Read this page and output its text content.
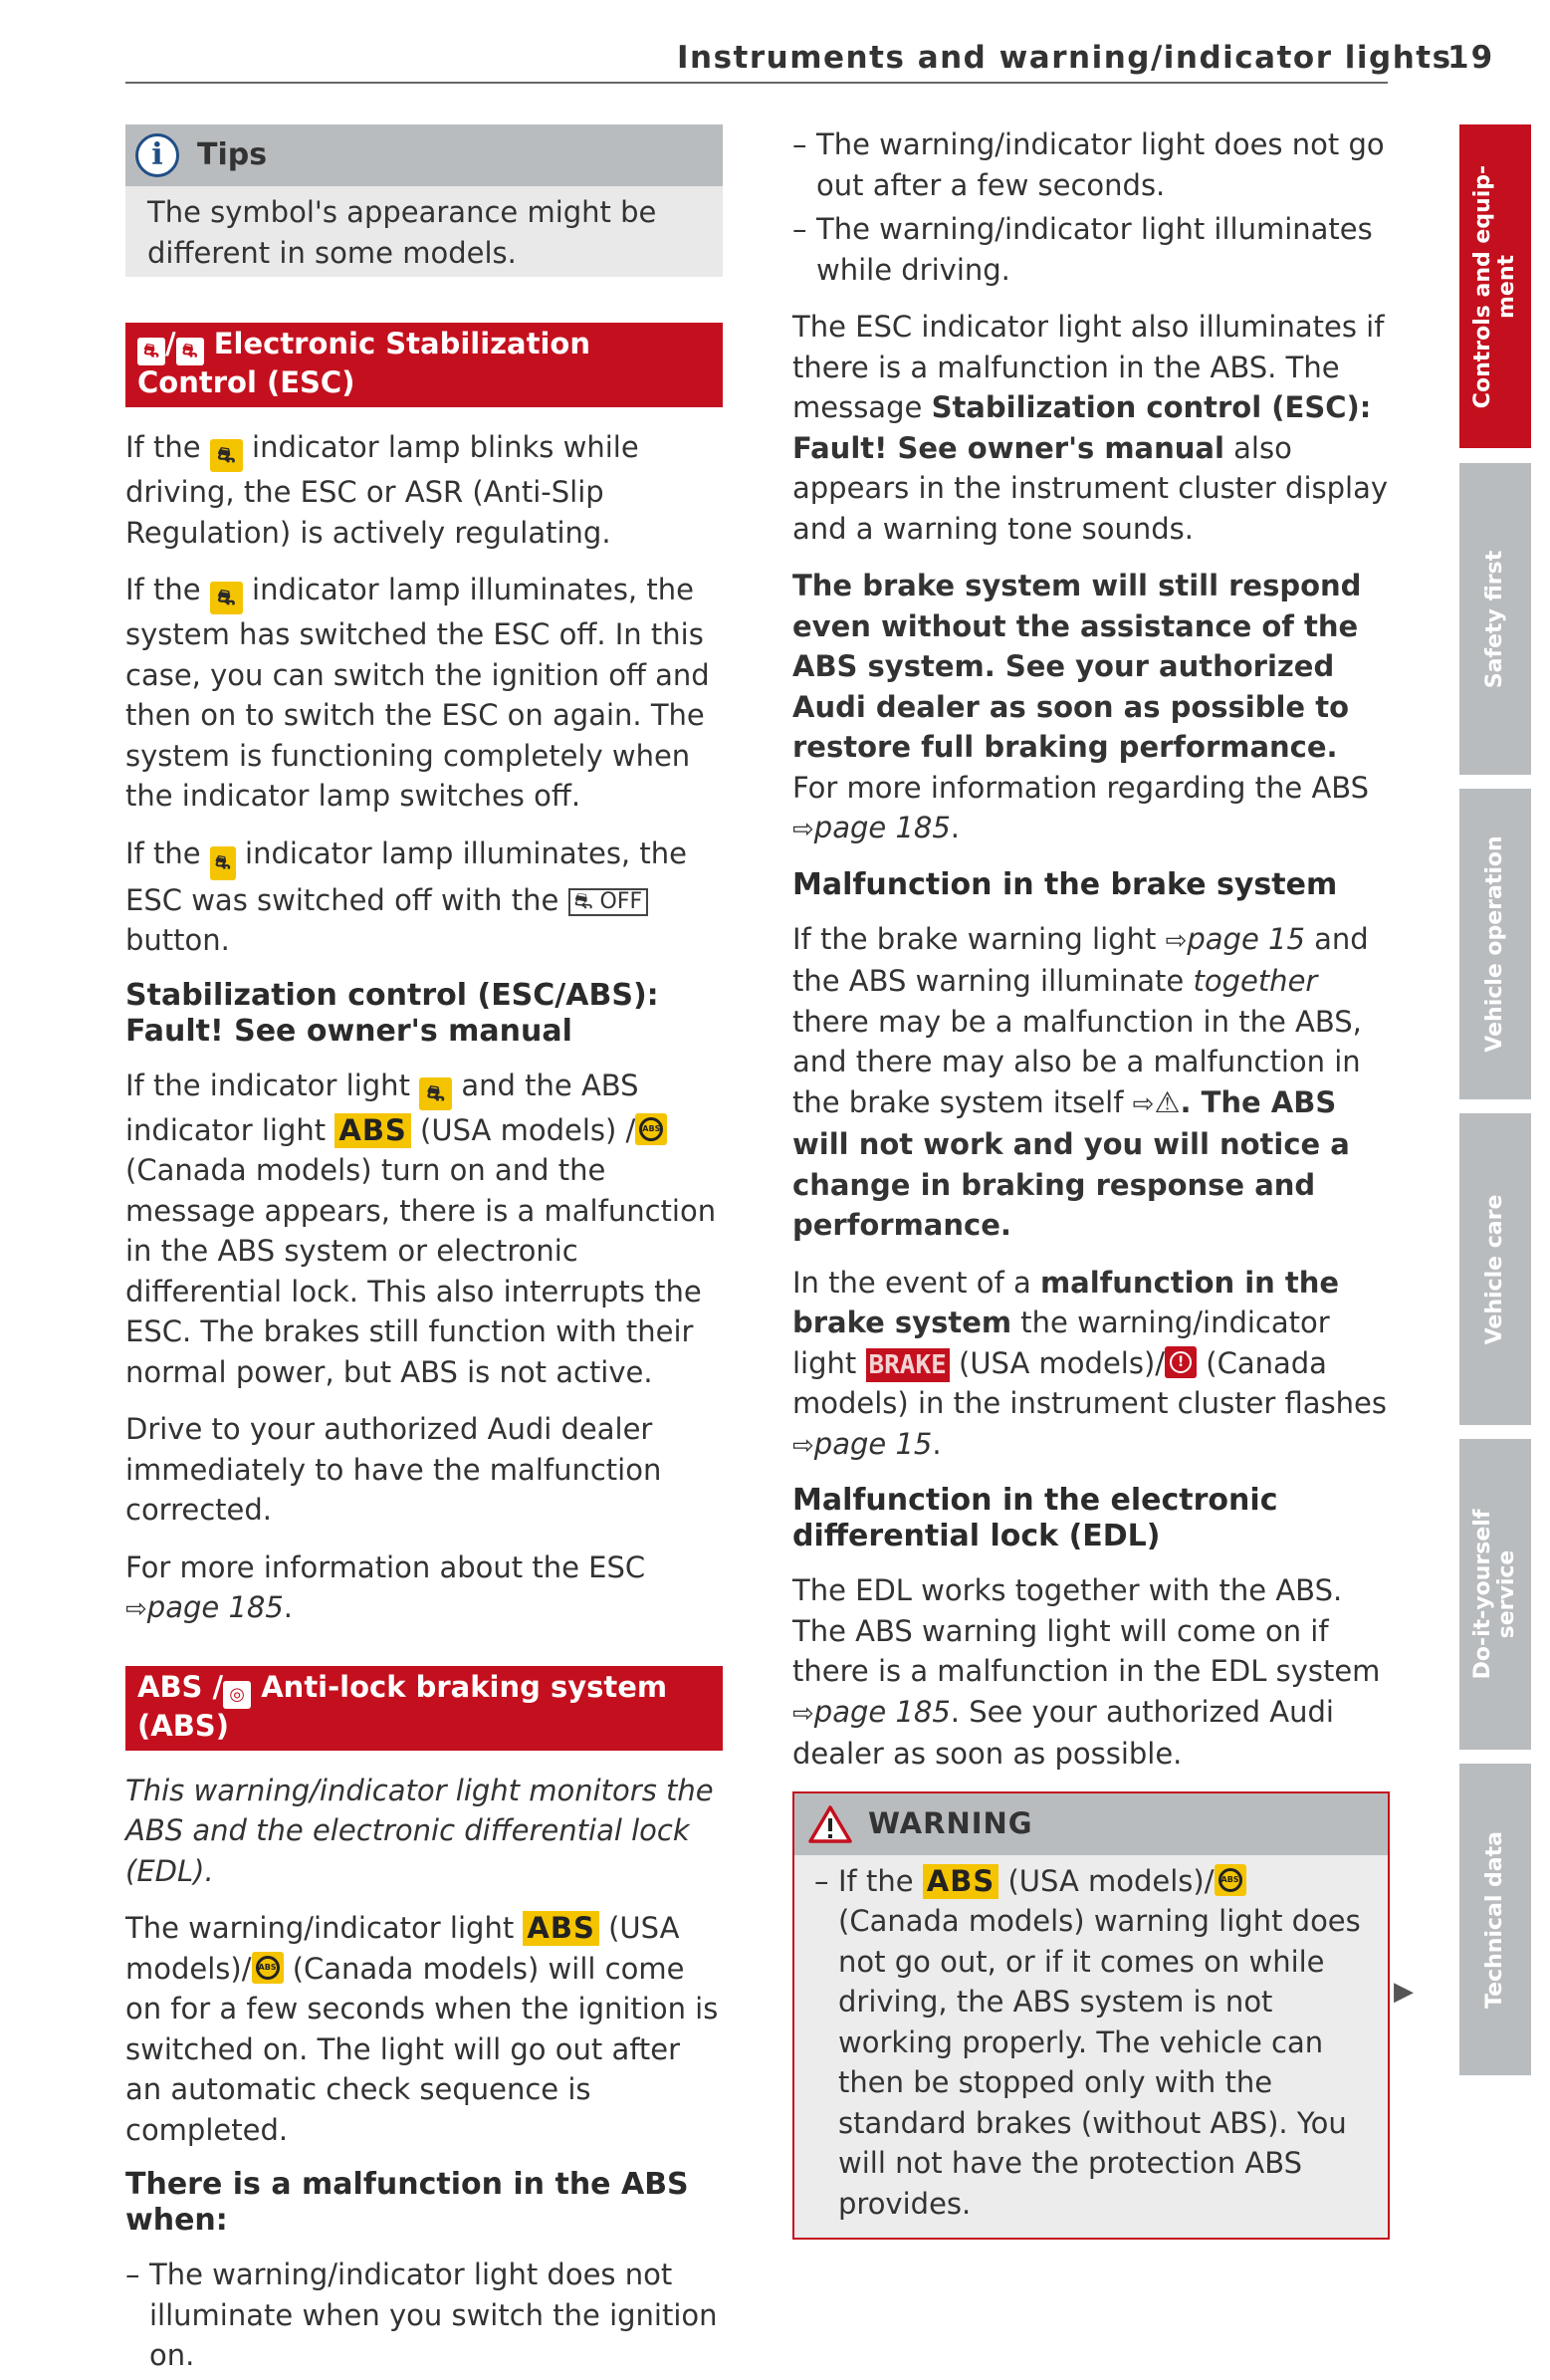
Instruments and warning/indicator lights
19
i	Tips
The symbol's appearance might be different in some models.
⛐ / ⛐ Electronic Stabilization Control (ESC)

If the ⛐ indicator lamp blinks while driving, the ESC or ASR (Anti-Slip Regulation) is actively regulating.

If the ⛐ indicator lamp illuminates, the system has switched the ESC off. In this case, you can switch the ignition off and then on to switch the ESC on again. The system is functioning completely when the indicator lamp switches off.

If the ⛐ indicator lamp illuminates, the ESC was switched off with the ⛐ OFF button.

Stabilization control (ESC/ABS): Fault! See owner's manual

If the indicator light ⛐ and the ABS indicator light ABS (USA models) / ABS
(Canada models) turn on and the message appears, there is a malfunction in the ABS system or electronic differential lock. This also interrupts the ESC. The brakes still function with their normal power, but ABS is not active.

Drive to your authorized Audi dealer immediately to have the malfunction corrected.

For more information about the ESC
⇨page 185.

ABS / ◎ Anti-lock braking system (ABS)

This warning/indicator light monitors the ABS and the electronic differential lock (EDL).

The warning/indicator light ABS (USA models)/ ABS (Canada models) will come on for a few seconds when the ignition is switched on. The light will go out after an automatic check sequence is completed.

There is a malfunction in the ABS when:
– The warning/indicator light does not illuminate when you switch the ignition on.
– The warning/indicator light does not go out after a few seconds.
– The warning/indicator light illuminates while driving.

The ESC indicator light also illuminates if there is a malfunction in the ABS. The message Stabilization control (ESC): Fault! See owner's manual also appears in the instrument cluster display and a warning tone sounds.

The brake system will still respond even without the assistance of the ABS system. See your authorized Audi dealer as soon as possible to restore full braking performance. For more information regarding the ABS
⇨page 185.

Malfunction in the brake system

If the brake warning light ⇨page 15 and the ABS warning illuminate together there may be a malfunction in the ABS, and there may also be a malfunction in the brake system itself ⇨⚠. The ABS will not work and you will notice a change in braking response and performance.

In the event of a malfunction in the brake system the warning/indicator light BRAKE (USA models)/ ! (Canada models) in the instrument cluster flashes ⇨page 15.

Malfunction in the electronic differential lock (EDL)

The EDL works together with the ABS. The ABS warning light will come on if there is a malfunction in the EDL system ⇨page 185. See your authorized Audi dealer as soon as possible.

WARNING
– If the ABS (USA models)/ ABS
(Canada models) warning light does not go out, or if it comes on while driving, the ABS system is not working properly. The vehicle can then be stopped only with the standard brakes (without ABS). You will not have the protection ABS provides.
▶
Controls and equip-
ment
Safety first
Vehicle operation
Vehicle care
Do-it-yourself
service
Technical data
